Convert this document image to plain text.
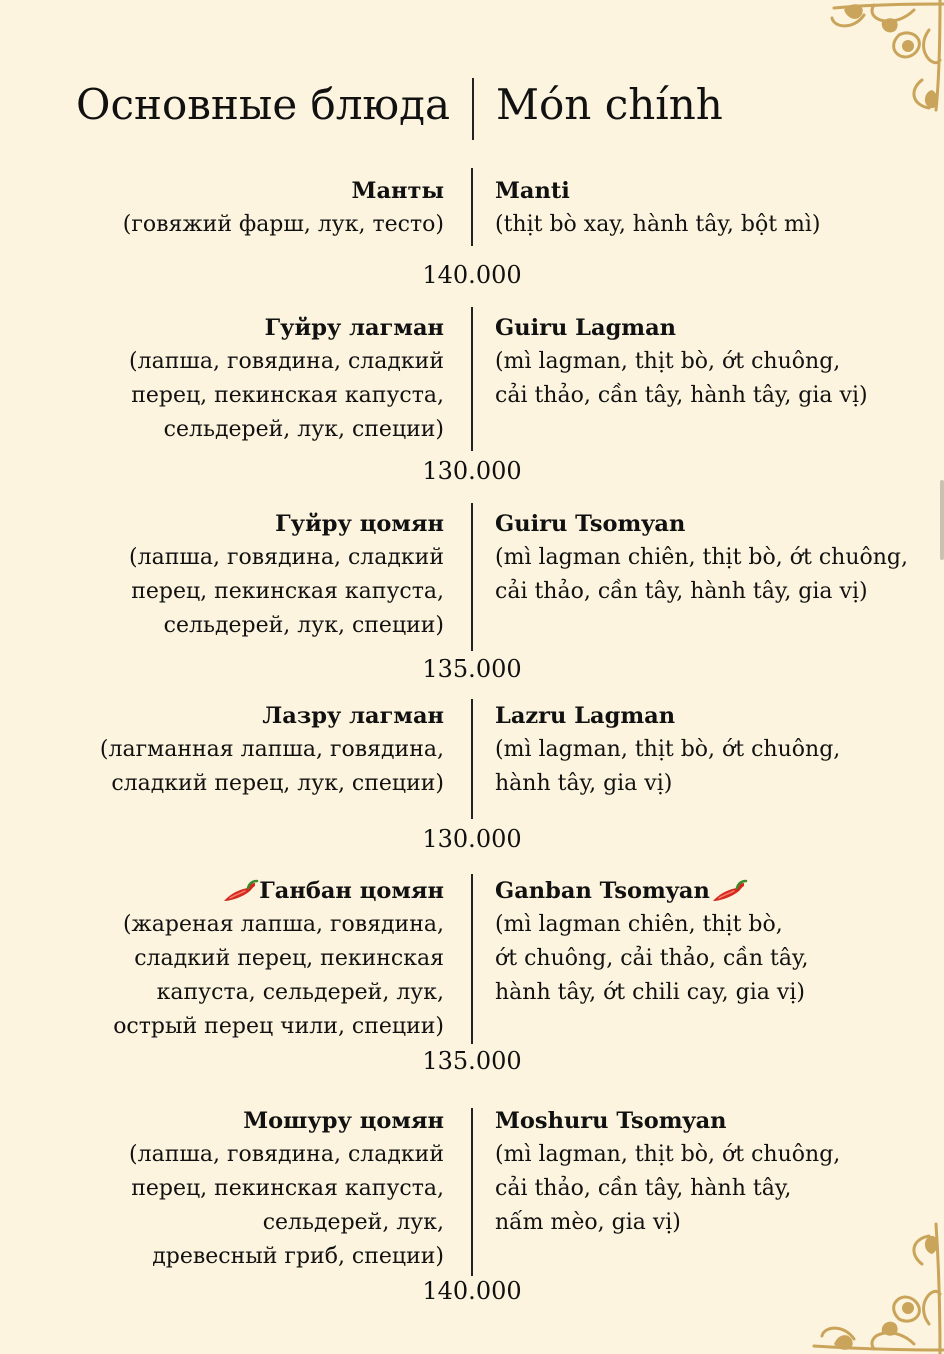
Основные блюда Món chính
Манты
(говяжий фарш, лук, тесто)
Manti
(thịt bò xay, hành tây, bột mì)
140.000
Гуйру лагман
(лапша, говядина, сладкий
перец, пекинская капуста,
сельдерей, лук, специи)
Guiru Lagman
(mì lagman, thịt bò, ớt chuông,
cải thảo, cần tây, hành tây, gia vị)
130.000
Гуйру цомян
(лапша, говядина, сладкий
перец, пекинская капуста,
сельдерей, лук, специи)
Guiru Tsomyan
(mì lagman chiên, thịt bò, ớt chuông,
cải thảo, cần tây, hành tây, gia vị)
135.000
Лазру лагман
(лагманная лапша, говядина,
сладкий перец, лук, специи)
Lazru Lagman
(mì lagman, thịt bò, ớt chuông,
hành tây, gia vị)
130.000
Ганбан цомян
(жареная лапша, говядина,
сладкий перец, пекинская
капуста, сельдерей, лук,
острый перец чили, специи)
Ganban Tsomyan
(mì lagman chiên, thịt bò,
ớt chuông, cải thảo, cần tây,
hành tây, ớt chili cay, gia vị)
135.000
Мошуру цомян
(лапша, говядина, сладкий
перец, пекинская капуста,
сельдерей, лук,
древесный гриб, специи)
Moshuru Tsomyan
(mì lagman, thịt bò, ớt chuông,
cải thảo, cần tây, hành tây,
nấm mèo, gia vị)
140.000
